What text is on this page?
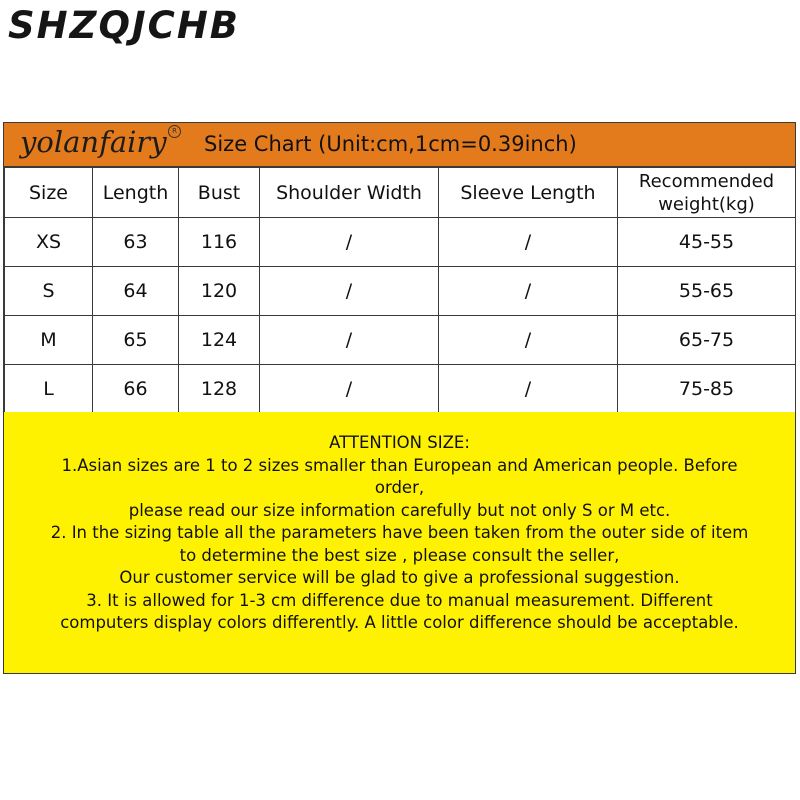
SHZQJCHB
yolanfairy R
Size Chart (Unit:cm,1cm=0.39inch)
Size	Length	Bust	Shoulder Width	Sleeve Length	Recommended
weight(kg)
XS	63	116	/	/	45-55
S	64	120	/	/	55-65
M	65	124	/	/	65-75
L	66	128	/	/	75-85
ATTENTION SIZE:
1.Asian sizes are 1 to 2 sizes smaller than European and American people. Before
order,
please read our size information carefully but not only S or M etc.
2. In the sizing table all the parameters have been taken from the outer side of item
to determine the best size , please consult the seller,
Our customer service will be glad to give a professional suggestion.
3. It is allowed for 1-3 cm difference due to manual measurement. Different
computers display colors differently. A little color difference should be acceptable.
